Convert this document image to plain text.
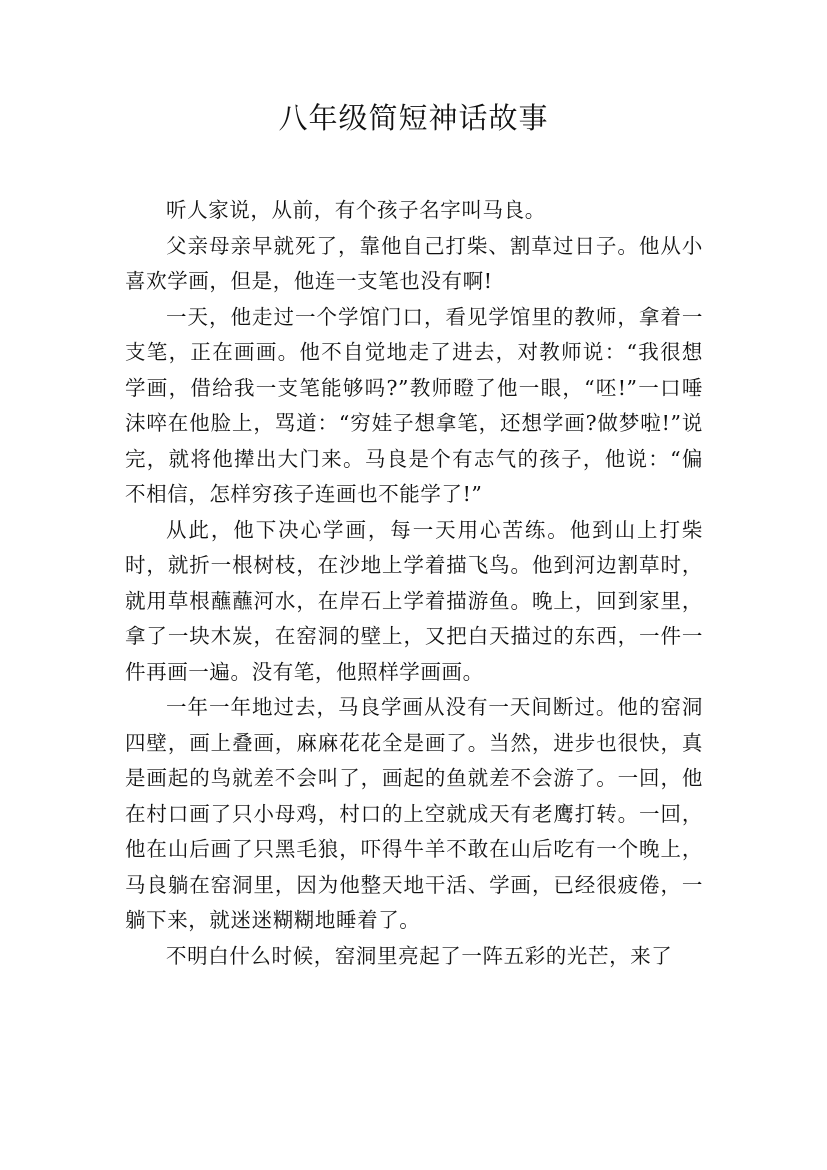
八年级简短神话故事

听人家说，从前，有个孩子名字叫马良。

父亲母亲早就死了，靠他自己打柴、割草过日子。他从小喜欢学画，但是，他连一支笔也没有啊!

一天，他走过一个学馆门口，看见学馆里的教师，拿着一支笔，正在画画。他不自觉地走了进去，对教师说：“我很想学画，借给我一支笔能够吗?”教师瞪了他一眼，“呸!”一口唾沫啐在他脸上，骂道：“穷娃子想拿笔，还想学画?做梦啦!”说完，就将他撵出大门来。马良是个有志气的孩子，他说：“偏不相信，怎样穷孩子连画也不能学了!”

从此，他下决心学画，每一天用心苦练。他到山上打柴时，就折一根树枝，在沙地上学着描飞鸟。他到河边割草时，就用草根蘸蘸河水，在岸石上学着描游鱼。晚上，回到家里，拿了一块木炭，在窑洞的壁上，又把白天描过的东西，一件一件再画一遍。没有笔，他照样学画画。

一年一年地过去，马良学画从没有一天间断过。他的窑洞四壁，画上叠画，麻麻花花全是画了。当然，进步也很快，真是画起的鸟就差不会叫了，画起的鱼就差不会游了。一回，他在村口画了只小母鸡，村口的上空就成天有老鹰打转。一回，他在山后画了只黑毛狼，吓得牛羊不敢在山后吃有一个晚上，马良躺在窑洞里，因为他整天地干活、学画，已经很疲倦，一躺下来，就迷迷糊糊地睡着了。

不明白什么时候，窑洞里亮起了一阵五彩的光芒，来了
